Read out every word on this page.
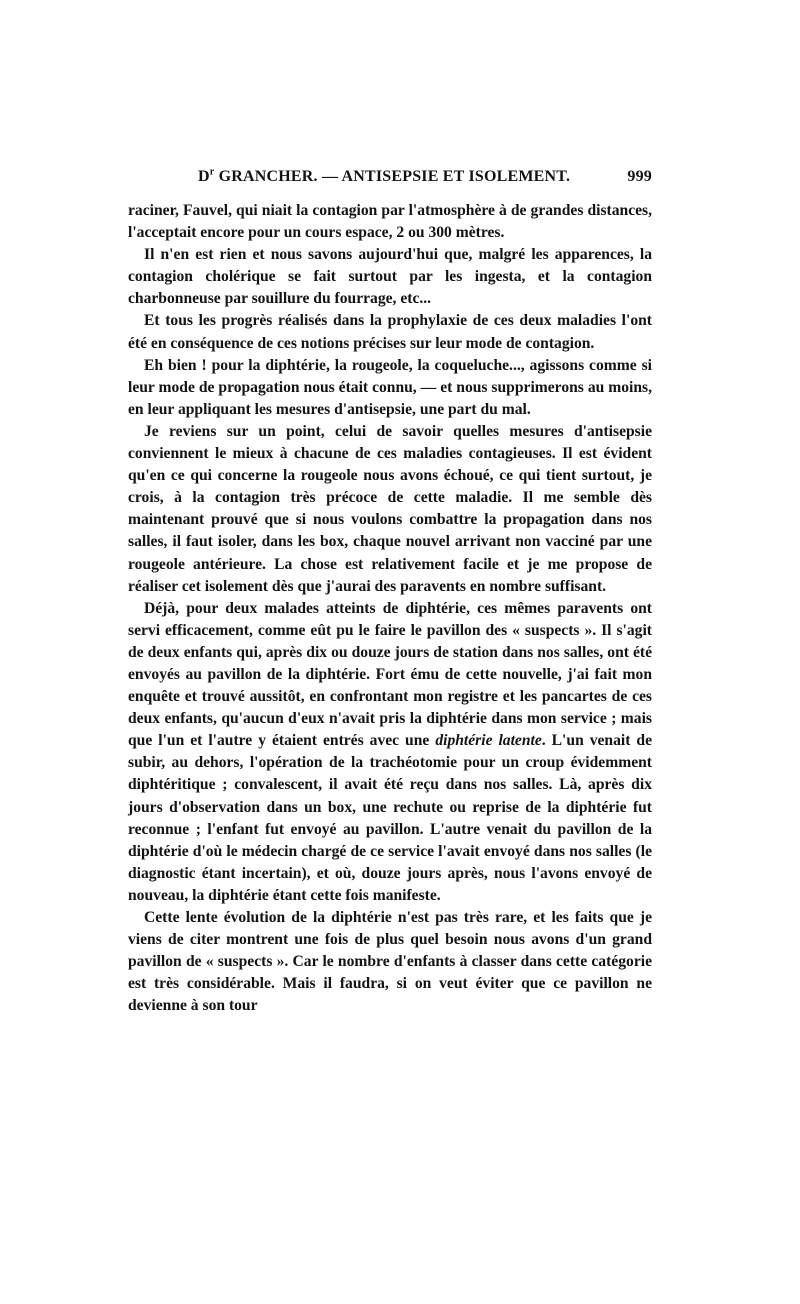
$D^r$ GRANCHER. — ANTISEPSIE ET ISOLEMENT.	999

raciner, Fauvel, qui niait la contagion par l'atmosphère à de grandes distances, l'acceptait encore pour un cours espace, 2 ou 300 mètres.

Il n'en est rien et nous savons aujourd'hui que, malgré les apparences, la contagion cholérique se fait surtout par les ingesta, et la contagion charbonneuse par souillure du fourrage, etc...

Et tous les progrès réalisés dans la prophylaxie de ces deux maladies l'ont été en conséquence de ces notions précises sur leur mode de contagion.

Eh bien ! pour la diphtérie, la rougeole, la coqueluche..., agissons comme si leur mode de propagation nous était connu, — et nous supprimerons au moins, en leur appliquant les mesures d'antisepsie, une part du mal.

Je reviens sur un point, celui de savoir quelles mesures d'antisepsie conviennent le mieux à chacune de ces maladies contagieuses. Il est évident qu'en ce qui concerne la rougeole nous avons échoué, ce qui tient surtout, je crois, à la contagion très précoce de cette maladie. Il me semble dès maintenant prouvé que si nous voulons combattre la propagation dans nos salles, il faut isoler, dans les box, chaque nouvel arrivant non vacciné par une rougeole antérieure. La chose est relativement facile et je me propose de réaliser cet isolement dès que j'aurai des paravents en nombre suffisant.

Déjà, pour deux malades atteints de diphtérie, ces mêmes paravents ont servi efficacement, comme eût pu le faire le pavillon des « suspects ». Il s'agit de deux enfants qui, après dix ou douze jours de station dans nos salles, ont été envoyés au pavillon de la diphtérie. Fort ému de cette nouvelle, j'ai fait mon enquête et trouvé aussitôt, en confrontant mon registre et les pancartes de ces deux enfants, qu'aucun d'eux n'avait pris la diphtérie dans mon service ; mais que l'un et l'autre y étaient entrés avec une diphtérie latente. L'un venait de subir, au dehors, l'opération de la trachéotomie pour un croup évidemment diphtéritique ; convalescent, il avait été reçu dans nos salles. Là, après dix jours d'observation dans un box, une rechute ou reprise de la diphtérie fut reconnue ; l'enfant fut envoyé au pavillon. L'autre venait du pavillon de la diphtérie d'où le médecin chargé de ce service l'avait envoyé dans nos salles (le diagnostic étant incertain), et où, douze jours après, nous l'avons envoyé de nouveau, la diphtérie étant cette fois manifeste.

Cette lente évolution de la diphtérie n'est pas très rare, et les faits que je viens de citer montrent une fois de plus quel besoin nous avons d'un grand pavillon de « suspects ». Car le nombre d'enfants à classer dans cette catégorie est très considérable. Mais il faudra, si on veut éviter que ce pavillon ne devienne à son tour
